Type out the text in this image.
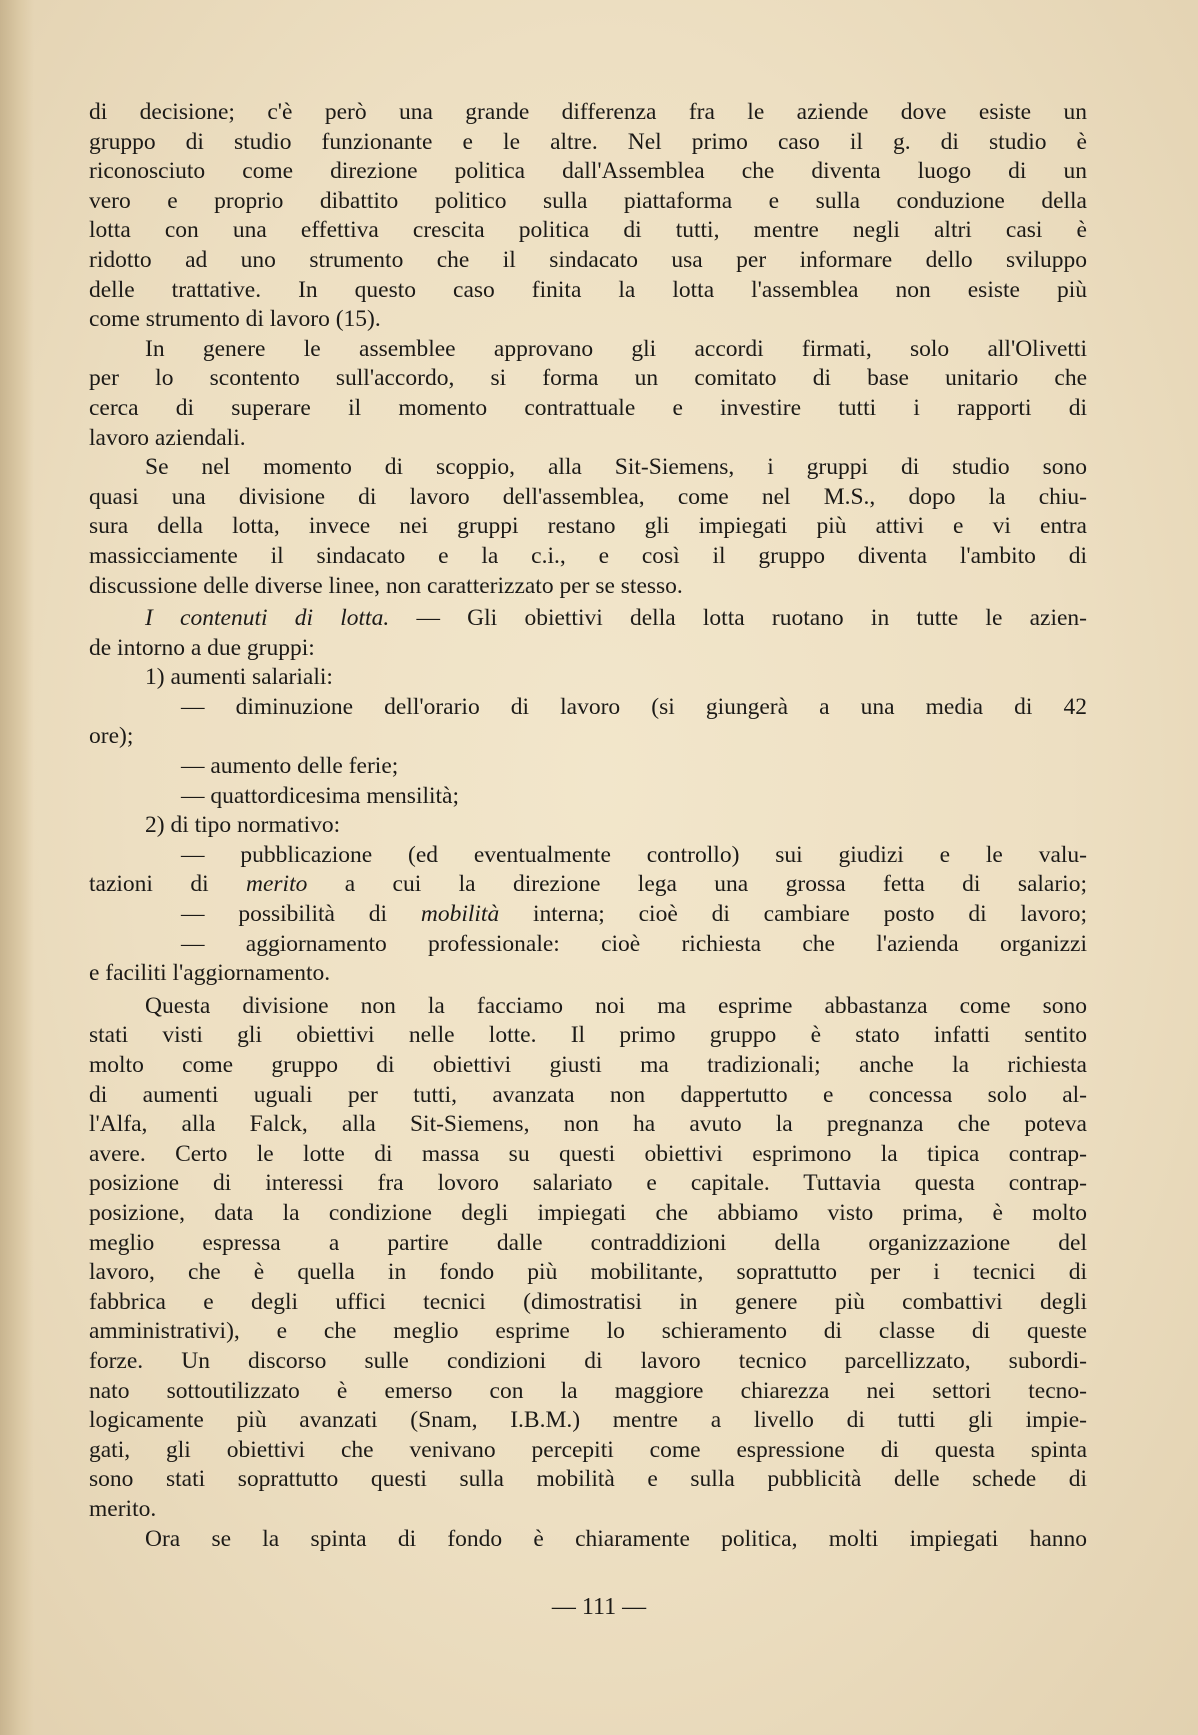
di decisione; c'è però una grande differenza fra le aziende dove esiste un
gruppo di studio funzionante e le altre. Nel primo caso il g. di studio è
riconosciuto come direzione politica dall'Assemblea che diventa luogo di un
vero e proprio dibattito politico sulla piattaforma e sulla conduzione della
lotta con una effettiva crescita politica di tutti, mentre negli altri casi è
ridotto ad uno strumento che il sindacato usa per informare dello sviluppo
delle trattative. In questo caso finita la lotta l'assemblea non esiste più
come strumento di lavoro (15).
In genere le assemblee approvano gli accordi firmati, solo all'Olivetti
per lo scontento sull'accordo, si forma un comitato di base unitario che
cerca di superare il momento contrattuale e investire tutti i rapporti di
lavoro aziendali.
Se nel momento di scoppio, alla Sit-Siemens, i gruppi di studio sono
quasi una divisione di lavoro dell'assemblea, come nel M.S., dopo la chiu-
sura della lotta, invece nei gruppi restano gli impiegati più attivi e vi entra
massicciamente il sindacato e la c.i., e così il gruppo diventa l'ambito di
discussione delle diverse linee, non caratterizzato per se stesso.
I contenuti di lotta. — Gli obiettivi della lotta ruotano in tutte le azien-
de intorno a due gruppi:
1) aumenti salariali:
— diminuzione dell'orario di lavoro (si giungerà a una media di 42
ore);
— aumento delle ferie;
— quattordicesima mensilità;
2) di tipo normativo:
— pubblicazione (ed eventualmente controllo) sui giudizi e le valu-
tazioni di merito a cui la direzione lega una grossa fetta di salario;
— possibilità di mobilità interna; cioè di cambiare posto di lavoro;
— aggiornamento professionale: cioè richiesta che l'azienda organizzi
e faciliti l'aggiornamento.
Questa divisione non la facciamo noi ma esprime abbastanza come sono
stati visti gli obiettivi nelle lotte. Il primo gruppo è stato infatti sentito
molto come gruppo di obiettivi giusti ma tradizionali; anche la richiesta
di aumenti uguali per tutti, avanzata non dappertutto e concessa solo al-
l'Alfa, alla Falck, alla Sit-Siemens, non ha avuto la pregnanza che poteva
avere. Certo le lotte di massa su questi obiettivi esprimono la tipica contrap-
posizione di interessi fra lovoro salariato e capitale. Tuttavia questa contrap-
posizione, data la condizione degli impiegati che abbiamo visto prima, è molto
meglio espressa a partire dalle contraddizioni della organizzazione del
lavoro, che è quella in fondo più mobilitante, soprattutto per i tecnici di
fabbrica e degli uffici tecnici (dimostratisi in genere più combattivi degli
amministrativi), e che meglio esprime lo schieramento di classe di queste
forze. Un discorso sulle condizioni di lavoro tecnico parcellizzato, subordi-
nato sottoutilizzato è emerso con la maggiore chiarezza nei settori tecno-
logicamente più avanzati (Snam, I.B.M.) mentre a livello di tutti gli impie-
gati, gli obiettivi che venivano percepiti come espressione di questa spinta
sono stati soprattutto questi sulla mobilità e sulla pubblicità delle schede di
merito.
Ora se la spinta di fondo è chiaramente politica, molti impiegati hanno
— 111 —
